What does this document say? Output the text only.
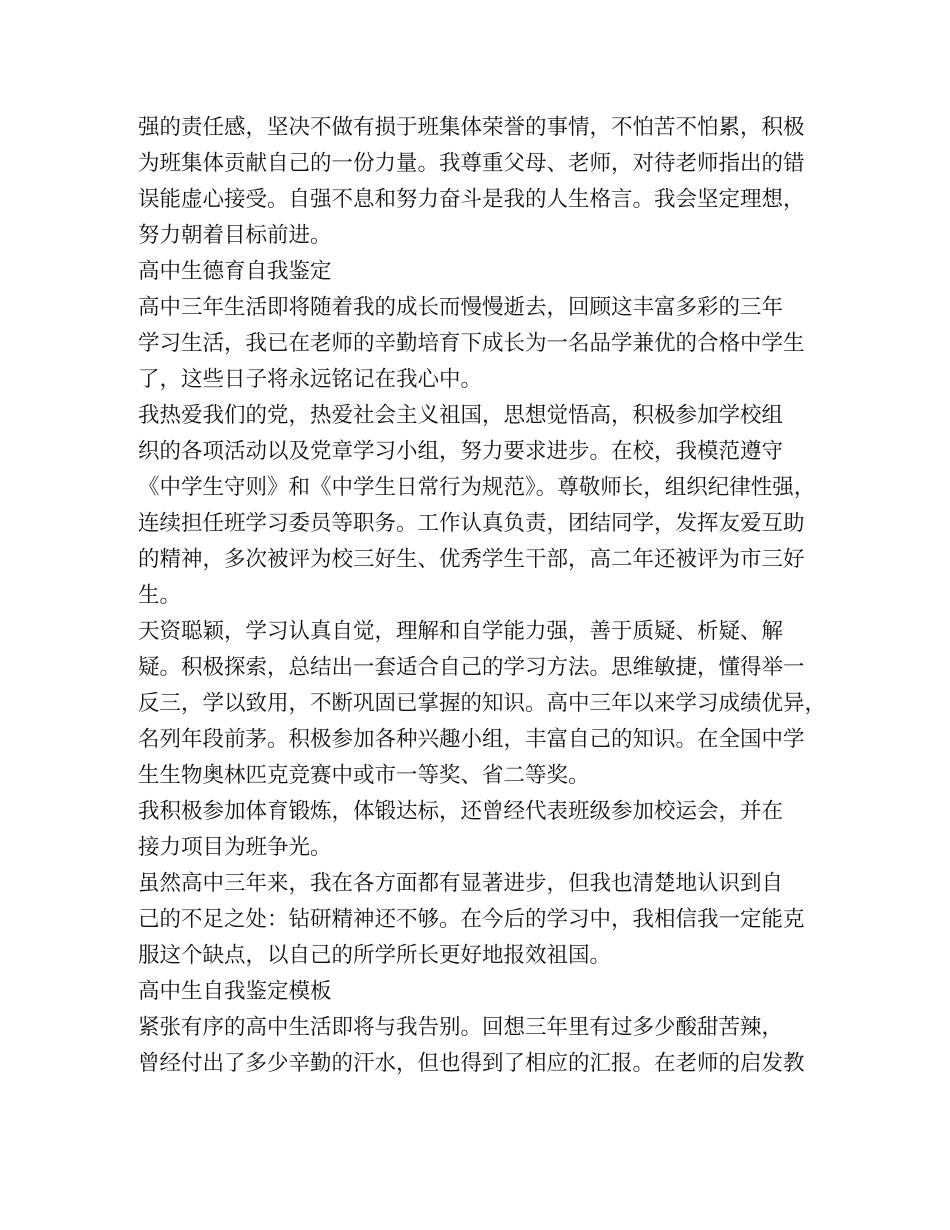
强的责任感，坚决不做有损于班集体荣誉的事情，不怕苦不怕累，积极
为班集体贡献自己的一份力量。我尊重父母、老师，对待老师指出的错
误能虚心接受。自强不息和努力奋斗是我的人生格言。我会坚定理想，
努力朝着目标前进。
高中生德育自我鉴定
高中三年生活即将随着我的成长而慢慢逝去，回顾这丰富多彩的三年
学习生活，我已在老师的辛勤培育下成长为一名品学兼优的合格中学生
了，这些日子将永远铭记在我心中。
我热爱我们的党，热爱社会主义祖国，思想觉悟高，积极参加学校组
织的各项活动以及党章学习小组，努力要求进步。在校，我模范遵守
《中学生守则》和《中学生日常行为规范》。尊敬师长，组织纪律性强，
连续担任班学习委员等职务。工作认真负责，团结同学，发挥友爱互助
的精神，多次被评为校三好生、优秀学生干部，高二年还被评为市三好
生。
天资聪颖，学习认真自觉，理解和自学能力强，善于质疑、析疑、解
疑。积极探索，总结出一套适合自己的学习方法。思维敏捷，懂得举一
反三，学以致用，不断巩固已掌握的知识。高中三年以来学习成绩优异，
名列年段前茅。积极参加各种兴趣小组，丰富自己的知识。在全国中学
生生物奥林匹克竞赛中或市一等奖、省二等奖。
我积极参加体育锻炼，体锻达标，还曾经代表班级参加校运会，并在
接力项目为班争光。
虽然高中三年来，我在各方面都有显著进步，但我也清楚地认识到自
己的不足之处：钻研精神还不够。在今后的学习中，我相信我一定能克
服这个缺点，以自己的所学所长更好地报效祖国。
高中生自我鉴定模板
紧张有序的高中生活即将与我告别。回想三年里有过多少酸甜苦辣，
曾经付出了多少辛勤的汗水，但也得到了相应的汇报。在老师的启发教
